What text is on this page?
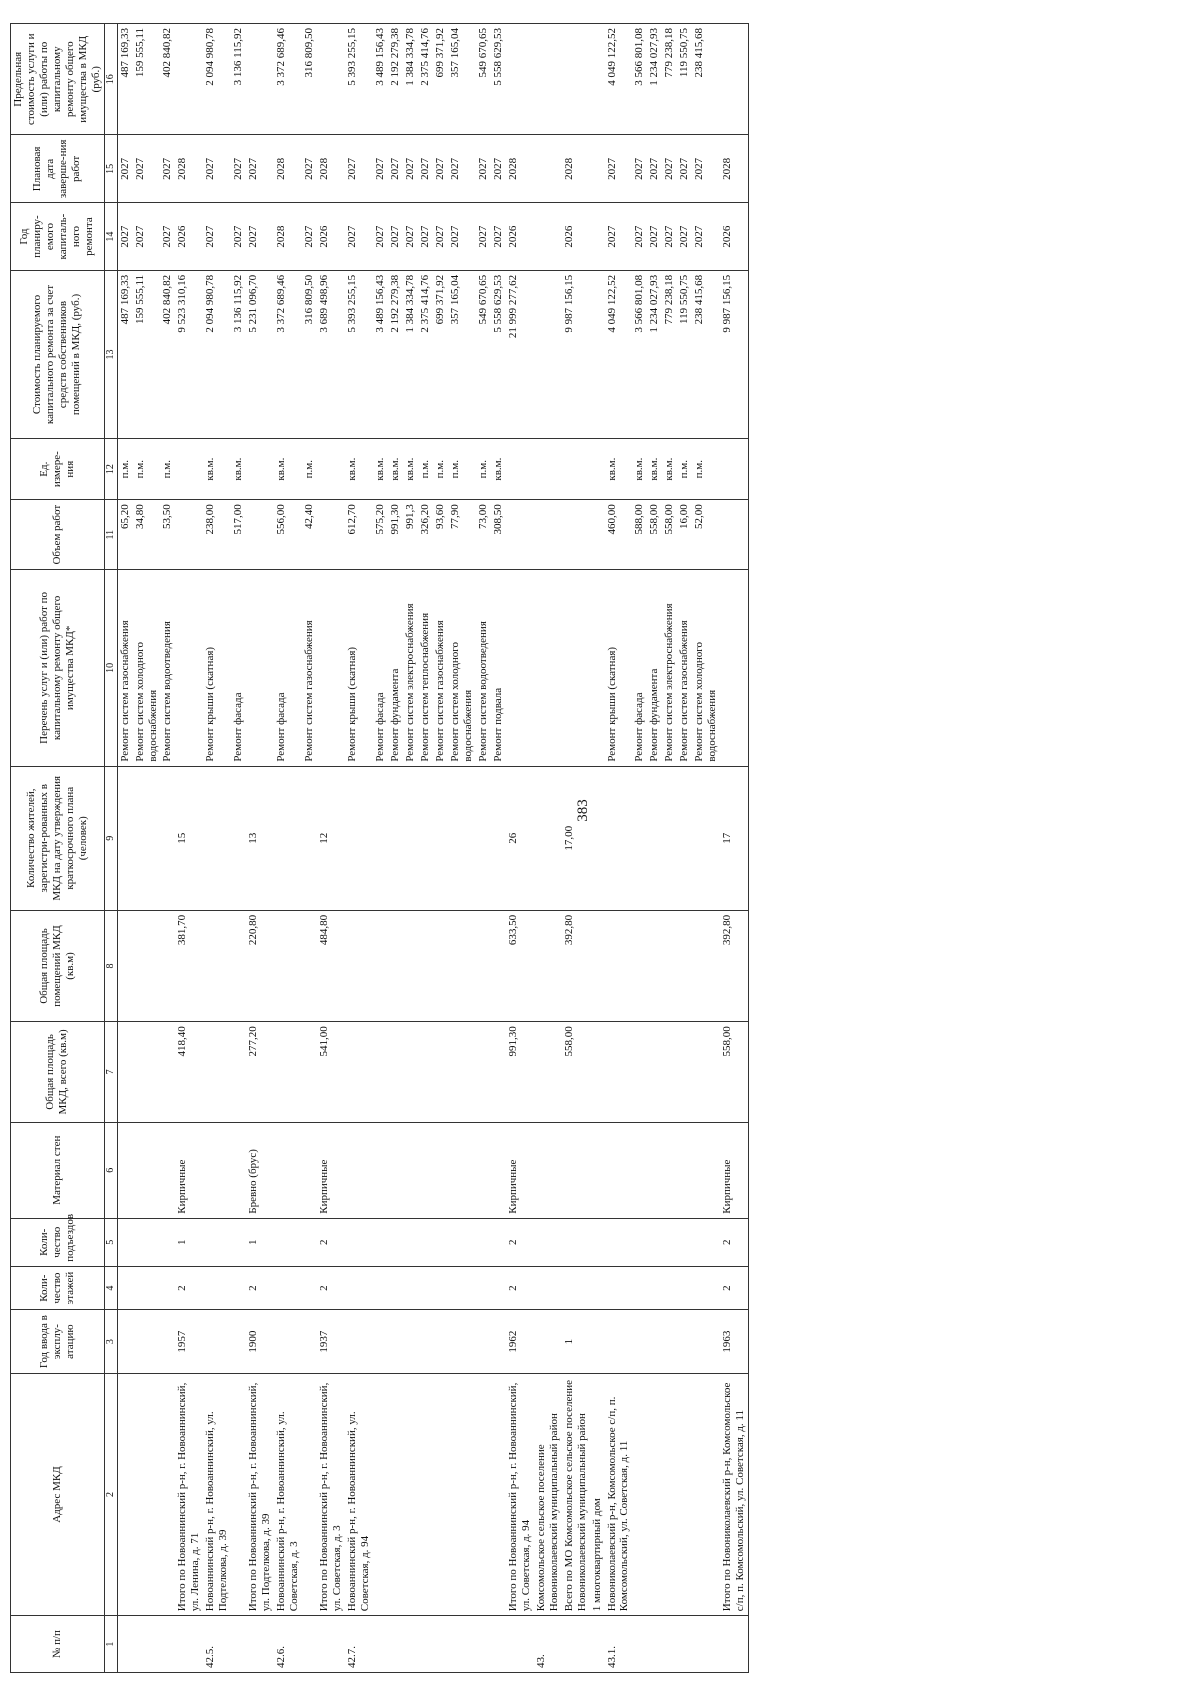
383
№ п/п	Адрес МКД	Год ввода в эксплу-атацию	Коли-чество этажей	Коли-чество подъездов	Материал стен	Общая площадь МКД, всего (кв.м)	Общая площадь помещений МКД (кв.м)	Количество жителей, зарегистри-рованных в МКД на дату утверждения краткосрочного плана (человек)	Перечень услуг и (или) работ по капитальному ремонту общего имущества МКД*	Объем работ	Ед. измере-ния	Стоимость планируемого капитального ремонта за счет средств собственников помещений в МКД, (руб.)	Год планиру-емого капиталь-ного ремонта	Плановая дата заверше-ния работ	Предельная стоимость услуги и (или) работы по капитальному ремонту общего имущества в МКД (руб.)
1	2	3	4	5	6	7	8	9	10	11	12	13	14	15	16
									Ремонт систем газоснабжения	65,20	п.м.	487 169,33	2027	2027	487 169,33
									Ремонт систем холодного водоснабжения	34,80	п.м.	159 555,11	2027	2027	159 555,11
									Ремонт систем водоотведения	53,50	п.м.	402 840,82	2027	2027	402 840,82
	Итого по Новоаннинский р-н, г. Новоаннинский, ул. Ленина, д. 71	1957	2	1	Кирпичные	418,40	381,70	15				9 523 310,16	2026	2028	
42.5.	Новоаннинский р-н, г. Новоаннинский, ул. Подтелкова, д. 39								Ремонт крыши (скатная)	238,00	кв.м.	2 094 980,78	2027	2027	2 094 980,78
									Ремонт фасада	517,00	кв.м.	3 136 115,92	2027	2027	3 136 115,92
	Итого по Новоаннинский р-н, г. Новоаннинский, ул. Подтелкова, д. 39	1900	2	1	Бревно (брус)	277,20	220,80	13				5 231 096,70	2027	2027	
42.6.	Новоаннинский р-н, г. Новоаннинский, ул. Советская, д. 3								Ремонт фасада	556,00	кв.м.	3 372 689,46	2028	2028	3 372 689,46
									Ремонт систем газоснабжения	42,40	п.м.	316 809,50	2027	2027	316 809,50
	Итого по Новоаннинский р-н, г. Новоаннинский, ул. Советская, д. 3	1937	2	2	Кирпичные	541,00	484,80	12				3 689 498,96	2026	2028	
42.7.	Новоаннинский р-н, г. Новоаннинский, ул. Советская, д. 94								Ремонт крыши (скатная)	612,70	кв.м.	5 393 255,15	2027	2027	5 393 255,15
									Ремонт фасада	575,20	кв.м.	3 489 156,43	2027	2027	3 489 156,43
									Ремонт фундамента	991,30	кв.м.	2 192 279,38	2027	2027	2 192 279,38
									Ремонт систем электроснабжения	991,3	кв.м.	1 384 334,78	2027	2027	1 384 334,78
									Ремонт систем теплоснабжения	326,20	п.м.	2 375 414,76	2027	2027	2 375 414,76
									Ремонт систем газоснабжения	93,60	п.м.	699 371,92	2027	2027	699 371,92
									Ремонт систем холодного водоснабжения	77,90	п.м.	357 165,04	2027	2027	357 165,04
									Ремонт систем водоотведения	73,00	п.м.	549 670,65	2027	2027	549 670,65
									Ремонт подвала	308,50	кв.м.	5 558 629,53	2027	2027	5 558 629,53
	Итого по Новоаннинский р-н, г. Новоаннинский, ул. Советская, д. 94	1962	2	2	Кирпичные	991,30	633,50	26				21 999 277,62	2026	2028	
43.	Комсомольское сельское поселение Новониколаевский муниципальный район														
	Всего по МО Комсомольское сельское поселение Новониколаевский муниципальный район	1				558,00	392,80	17,00				9 987 156,15	2026	2028	
	1 многоквартирный дом														
43.1.	Новониколаевский р-н, Комсомольское с/п, п. Комсомольский, ул. Советская, д. 11								Ремонт крыши (скатная)	460,00	кв.м.	4 049 122,52	2027	2027	4 049 122,52
									Ремонт фасада	588,00	кв.м.	3 566 801,08	2027	2027	3 566 801,08
									Ремонт фундамента	558,00	кв.м.	1 234 027,93	2027	2027	1 234 027,93
									Ремонт систем электроснабжения	558,00	кв.м.	779 238,18	2027	2027	779 238,18
									Ремонт систем газоснабжения	16,00	п.м.	119 550,75	2027	2027	119 550,75
									Ремонт систем холодного водоснабжения	52,00	п.м.	238 415,68	2027	2027	238 415,68
	Итого по Новониколаевский р-н, Комсомольское с/п, п. Комсомольский, ул. Советская, д. 11	1963	2	2	Кирпичные	558,00	392,80	17				9 987 156,15	2026	2028	
